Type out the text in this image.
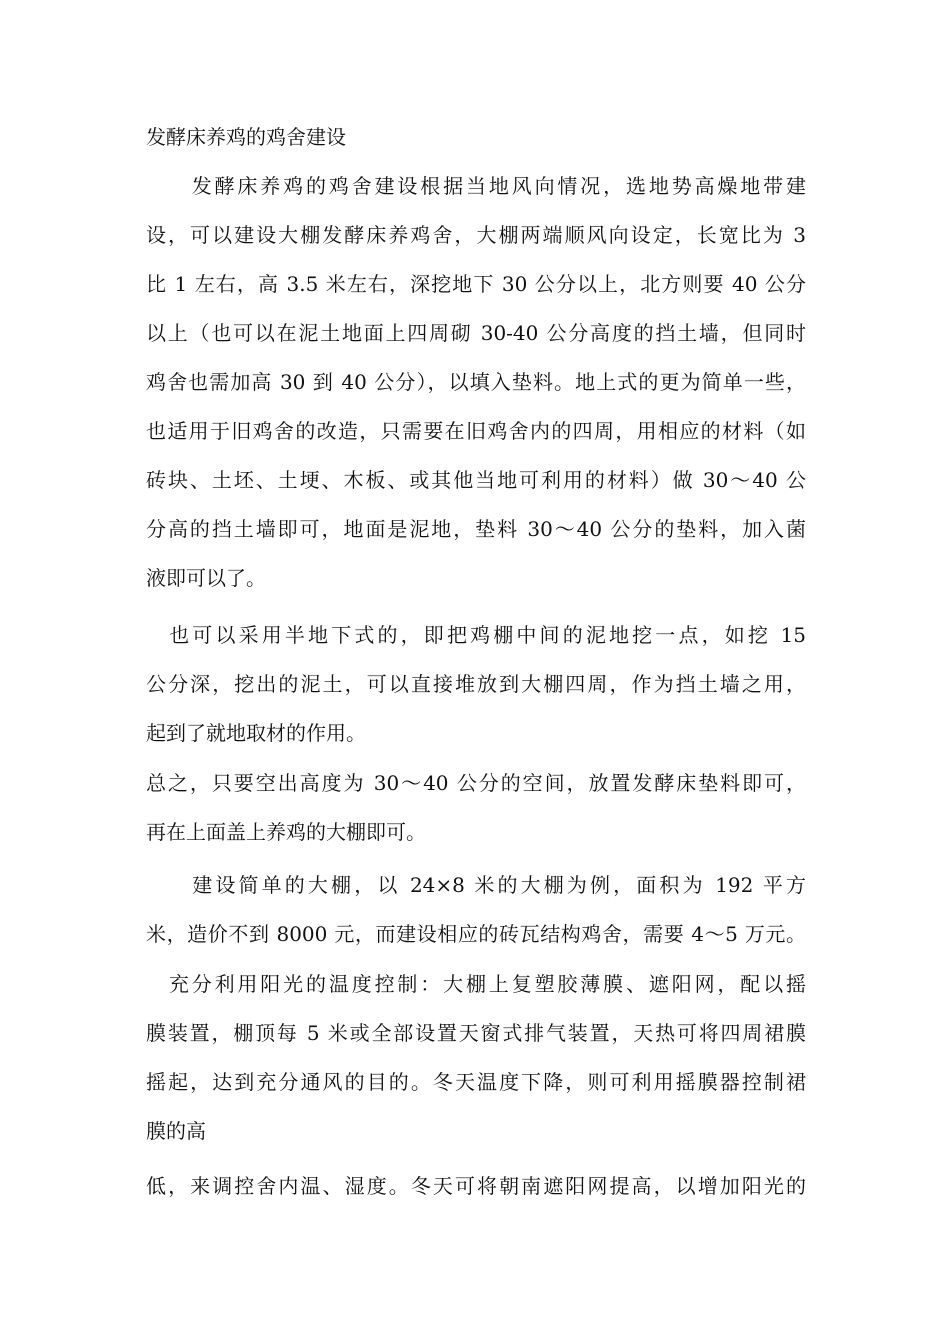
发酵床养鸡的鸡舍建设
　　发酵床养鸡的鸡舍建设根据当地风向情况，选地势高燥地带建
设，可以建设大棚发酵床养鸡舍，大棚两端顺风向设定，长宽比为 3
比 1 左右，高 3.5 米左右，深挖地下 30 公分以上，北方则要 40 公分
以上（也可以在泥土地面上四周砌 30-40 公分高度的挡土墙，但同时
鸡舍也需加高 30 到 40 公分），以填入垫料。地上式的更为简单一些，
也适用于旧鸡舍的改造，只需要在旧鸡舍内的四周，用相应的材料（如
砖块、土坯、土埂、木板、或其他当地可利用的材料）做 30～40 公
分高的挡土墙即可，地面是泥地，垫料 30～40 公分的垫料，加入菌
液即可以了。
　也可以采用半地下式的，即把鸡棚中间的泥地挖一点，如挖 15
公分深，挖出的泥土，可以直接堆放到大棚四周，作为挡土墙之用，
起到了就地取材的作用。
总之，只要空出高度为 30～40 公分的空间，放置发酵床垫料即可，
再在上面盖上养鸡的大棚即可。
　　建设简单的大棚，以 24×8 米的大棚为例，面积为 192 平方
米，造价不到 8000 元，而建设相应的砖瓦结构鸡舍，需要 4～5 万元。
　充分利用阳光的温度控制：大棚上复塑胶薄膜、遮阳网，配以摇
膜装置，棚顶每 5 米或全部设置天窗式排气装置，天热可将四周裙膜
摇起，达到充分通风的目的。冬天温度下降，则可利用摇膜器控制裙
膜的高
低，来调控舍内温、湿度。冬天可将朝南遮阳网提高，以增加阳光的
